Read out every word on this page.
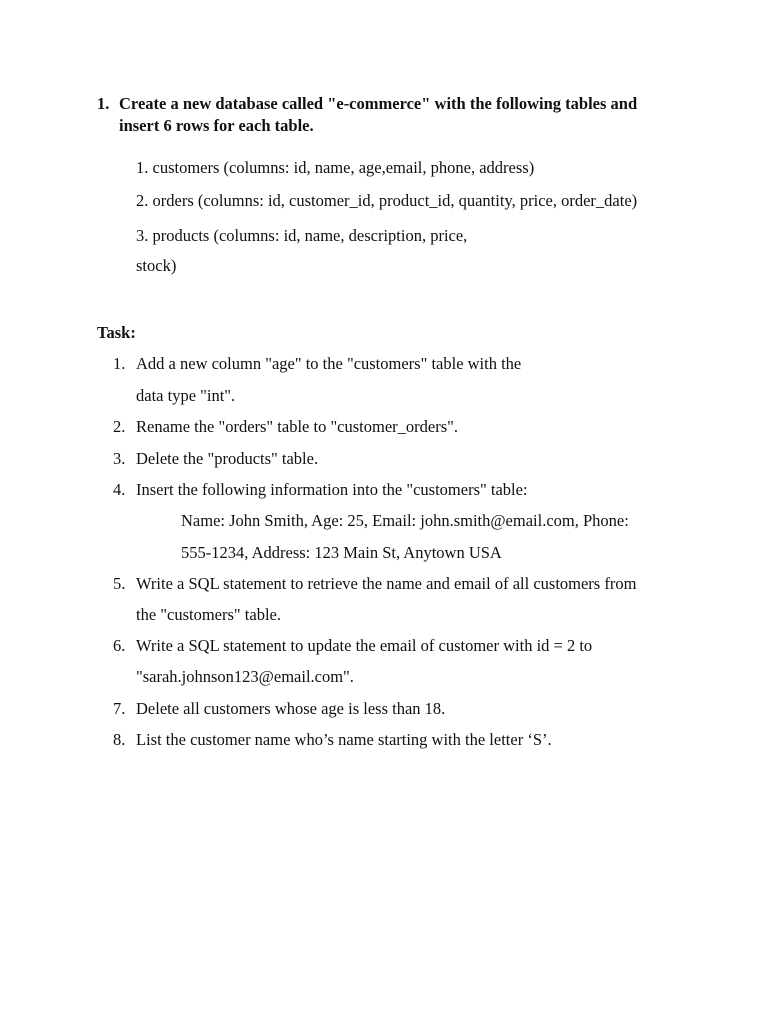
1. Create a new database called "e-commerce" with the following tables and
insert 6 rows for each table.
1. customers (columns: id, name, age,email, phone, address)
2. orders (columns: id, customer_id, product_id, quantity, price, order_date)
3. products (columns: id, name, description, price,
stock)
Task:
1. Add a new column "age" to the "customers" table with the
data type "int".
2. Rename the "orders" table to "customer_orders".
3. Delete the "products" table.
4. Insert the following information into the "customers" table:
Name: John Smith, Age: 25, Email: john.smith@email.com, Phone:
555-1234, Address: 123 Main St, Anytown USA
5. Write a SQL statement to retrieve the name and email of all customers from
the "customers" table.
6. Write a SQL statement to update the email of customer with id = 2 to
"sarah.johnson123@email.com".
7. Delete all customers whose age is less than 18.
8. List the customer name who’s name starting with the letter ‘S’.
